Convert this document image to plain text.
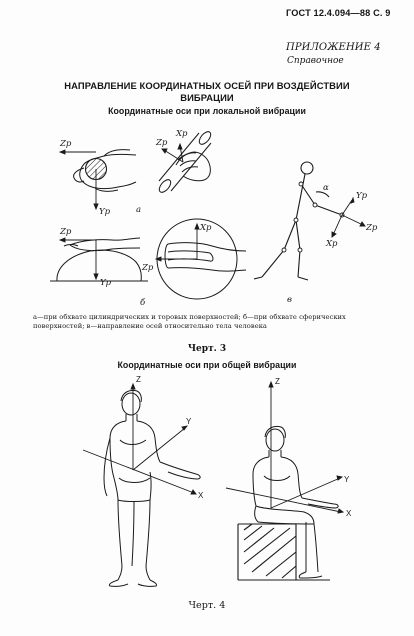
ГОСТ 12.4.094—88 С. 9
ПРИЛОЖЕНИЕ 4
Справочное
НАПРАВЛЕНИЕ КООРДИНАТНЫХ ОСЕЙ ПРИ ВОЗДЕЙСТВИИ ВИБРАЦИИ
Координатные оси при локальной вибрации
Zр
Yр
Xр
Zр
а
Zр
Yр
Xр
Zр
б
α
Yр
Zр
Xр
в
а—при обхвате цилиндрических и торовых поверхностей; б—при обхвате сферических поверхностей; в—направление осей относительно тела человека
Черт. 3
Координатные оси при общей вибрации
Z
Y
X
Z
Y
X
Черт. 4
